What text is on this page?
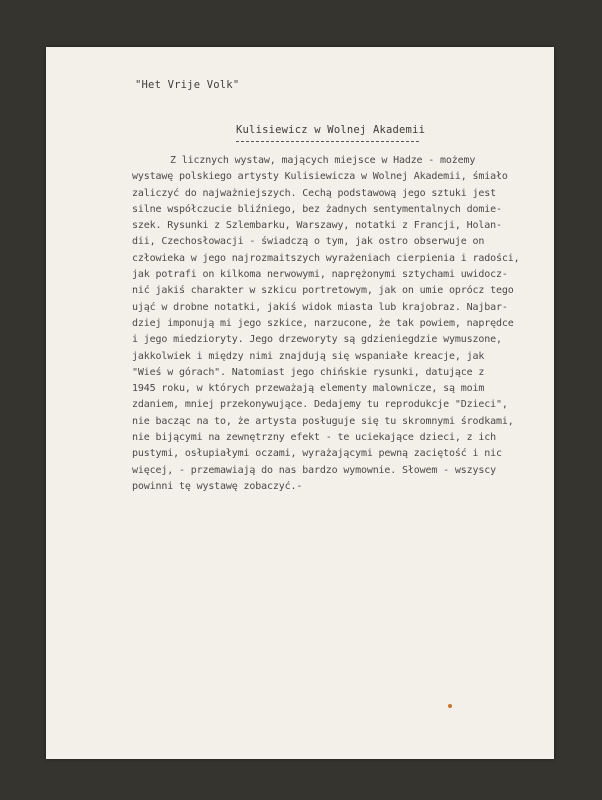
"Het Vrije Volk"

Kulisiewicz w Wolnej Akademii
Z licznych wystaw, mających miejsce w Hadze - możemy
wystawę polskiego artysty Kulisiewicza w Wolnej Akademii, śmiało
zaliczyć do najważniejszych. Cechą podstawową jego sztuki jest
silne współczucie bliźniego, bez żadnych sentymentalnych domie-
szek. Rysunki z Szlembarku, Warszawy, notatki z Francji, Holan-
dii, Czechosłowacji - świadczą o tym, jak ostro obserwuje on
człowieka w jego najrozmaitszych wyrażeniach cierpienia i radości,
jak potrafi on kilkoma nerwowymi, naprężonymi sztychami uwidocz-
nić jakiś charakter w szkicu portretowym, jak on umie oprócz tego
ująć w drobne notatki, jakiś widok miasta lub krajobraz. Najbar-
dziej imponują mi jego szkice, narzucone, że tak powiem, naprędce
i jego miedzioryty. Jego drzeworyty są gdzieniegdzie wymuszone,
jakkolwiek i między nimi znajdują się wspaniałe kreacje, jak
"Wieś w górach". Natomiast jego chińskie rysunki, datujące z
1945 roku, w których przeważają elementy malownicze, są moim
zdaniem, mniej przekonywujące. Dedajemy tu reprodukcje "Dzieci",
nie bacząc na to, że artysta posługuje się tu skromnymi środkami,
nie bijącymi na zewnętrzny efekt - te uciekające dzieci, z ich
pustymi, osłupiałymi oczami, wyrażającymi pewną zaciętość i nic
więcej, - przemawiają do nas bardzo wymownie. Słowem - wszyscy
powinni tę wystawę zobaczyć.-
